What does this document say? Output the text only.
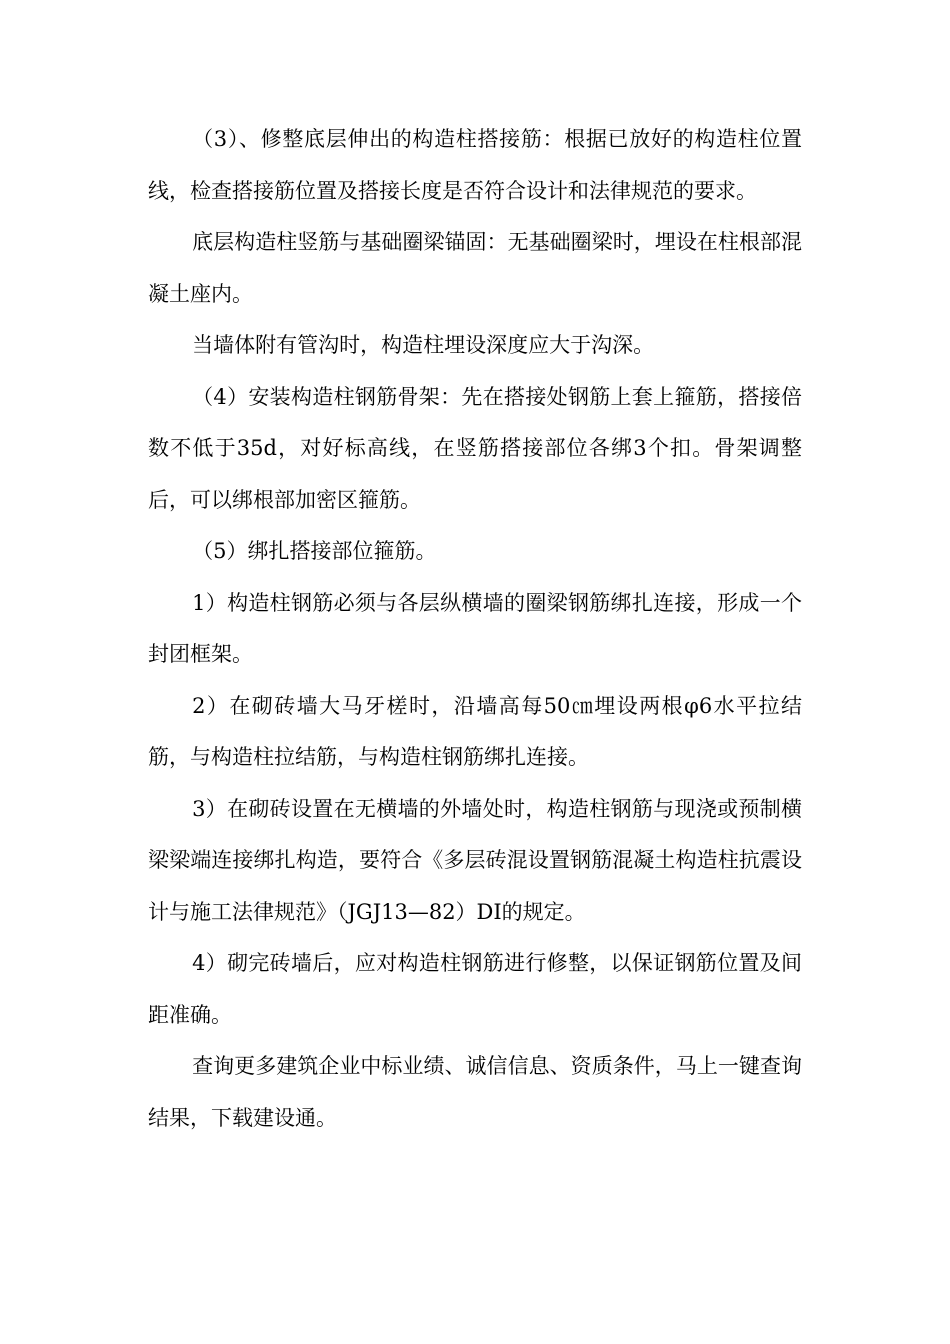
（3）、修整底层伸出的构造柱搭接筋：根据已放好的构造柱位置线，检查搭接筋位置及搭接长度是否符合设计和法律规范的要求。

底层构造柱竖筋与基础圈梁锚固：无基础圈梁时，埋设在柱根部混凝土座内。

当墙体附有管沟时，构造柱埋设深度应大于沟深。

（4）安装构造柱钢筋骨架：先在搭接处钢筋上套上箍筋，搭接倍数不低于35d，对好标高线，在竖筋搭接部位各绑3个扣。骨架调整后，可以绑根部加密区箍筋。

（5）绑扎搭接部位箍筋。

1）构造柱钢筋必须与各层纵横墙的圈梁钢筋绑扎连接，形成一个封团框架。

2）在砌砖墙大马牙槎时，沿墙高每50㎝埋设两根φ6水平拉结筋，与构造柱拉结筋，与构造柱钢筋绑扎连接。

3）在砌砖设置在无横墙的外墙处时，构造柱钢筋与现浇或预制横梁梁端连接绑扎构造，要符合《多层砖混设置钢筋混凝土构造柱抗震设计与施工法律规范》（JGJ13—82）DI的规定。

4）砌完砖墙后，应对构造柱钢筋进行修整，以保证钢筋位置及间距准确。

查询更多建筑企业中标业绩、诚信信息、资质条件，马上一键查询结果，下载建设通。
